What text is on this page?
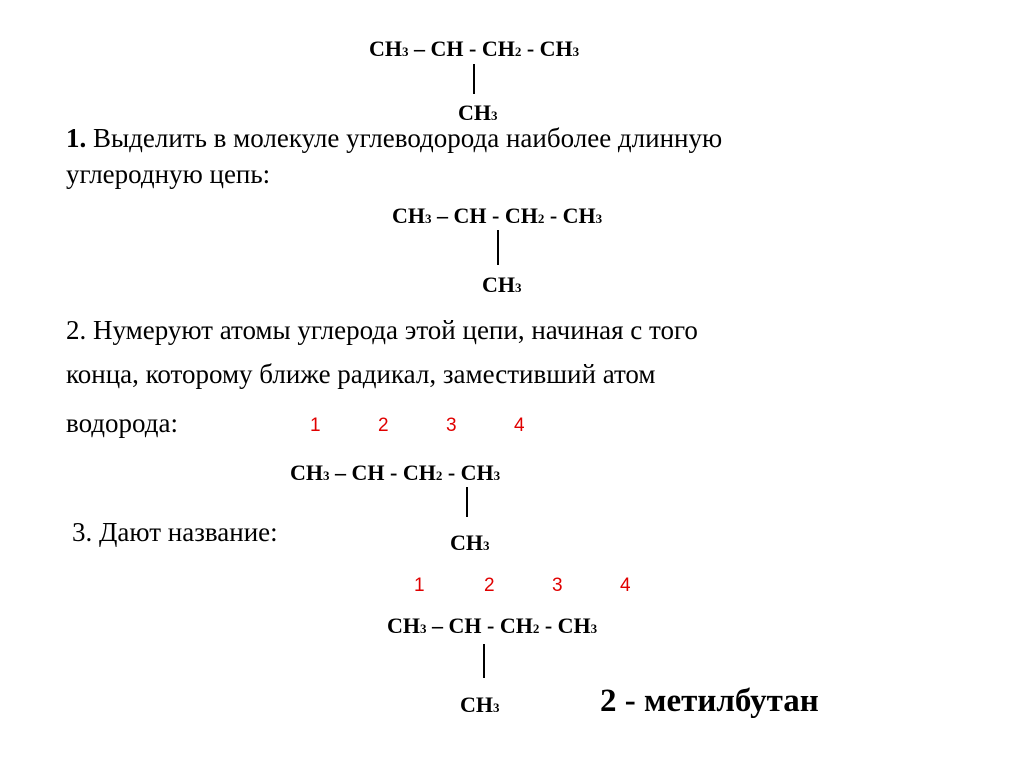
CH3 – CH - CH2 - CH3
CH3
1. Выделить в молекуле углеводорода наиболее длинную
углеродную цепь:
CH3 – CH - CH2 - CH3
CH3
2. Нумеруют атомы углерода этой цепи, начиная с того
конца, которому ближе радикал, заместивший атом
водорода:	1	2	3	4
CH3 – CH - CH2 - CH3
3. Дают название:	CH3
1	2	3	4
CH3 – CH - CH2 - CH3
CH3	2 - метилбутан
